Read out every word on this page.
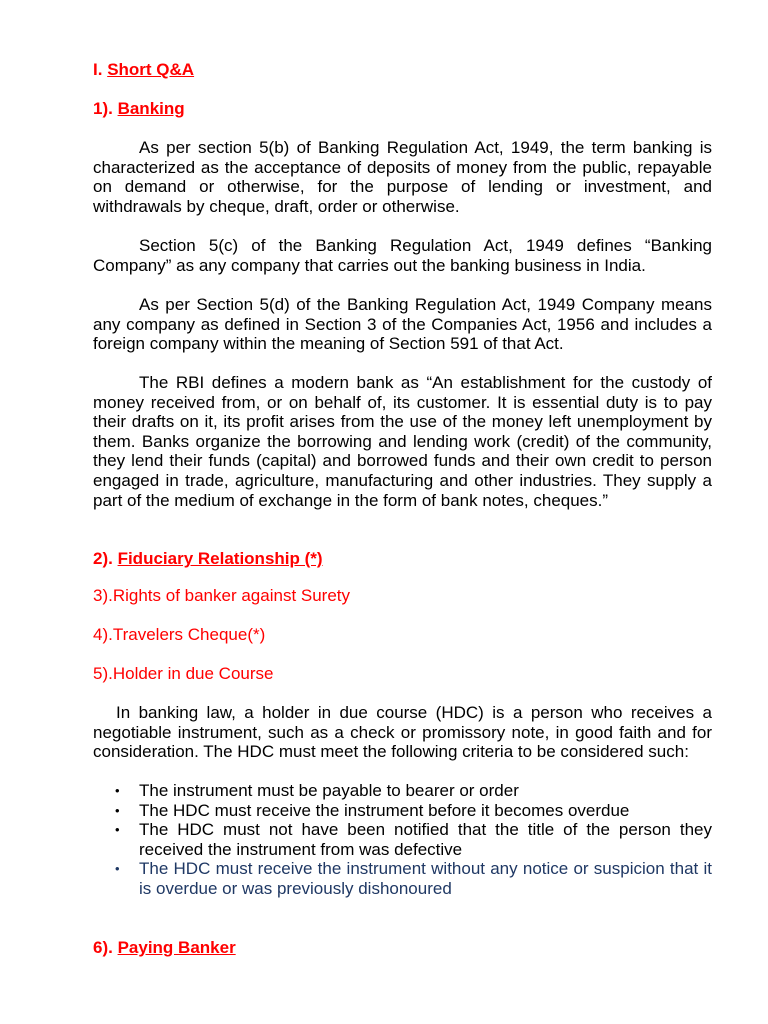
I. Short Q&A
1). Banking
As per section 5(b) of Banking Regulation Act, 1949, the term banking is characterized as the acceptance of deposits of money from the public, repayable on demand or otherwise, for the purpose of lending or investment, and withdrawals by cheque, draft, order or otherwise.
Section 5(c) of the Banking Regulation Act, 1949 defines “Banking Company” as any company that carries out the banking business in India.
As per Section 5(d) of the Banking Regulation Act, 1949 Company means any company as defined in Section 3 of the Companies Act, 1956 and includes a foreign company within the meaning of Section 591 of that Act.
The RBI defines a modern bank as “An establishment for the custody of money received from, or on behalf of, its customer. It is essential duty is to pay their drafts on it, its profit arises from the use of the money left unemployment by them. Banks organize the borrowing and lending work (credit) of the community, they lend their funds (capital) and borrowed funds and their own credit to person engaged in trade, agriculture, manufacturing and other industries. They supply a part of the medium of exchange in the form of bank notes, cheques.”
2). Fiduciary Relationship (*)
3).Rights of banker against Surety
4).Travelers Cheque(*)
5).Holder in due Course
In banking law, a holder in due course (HDC) is a person who receives a negotiable instrument, such as a check or promissory note, in good faith and for consideration. The HDC must meet the following criteria to be considered such:
• The instrument must be payable to bearer or order
• The HDC must receive the instrument before it becomes overdue
• The HDC must not have been notified that the title of the person they received the instrument from was defective
• The HDC must receive the instrument without any notice or suspicion that it is overdue or was previously dishonoured
6). Paying Banker
